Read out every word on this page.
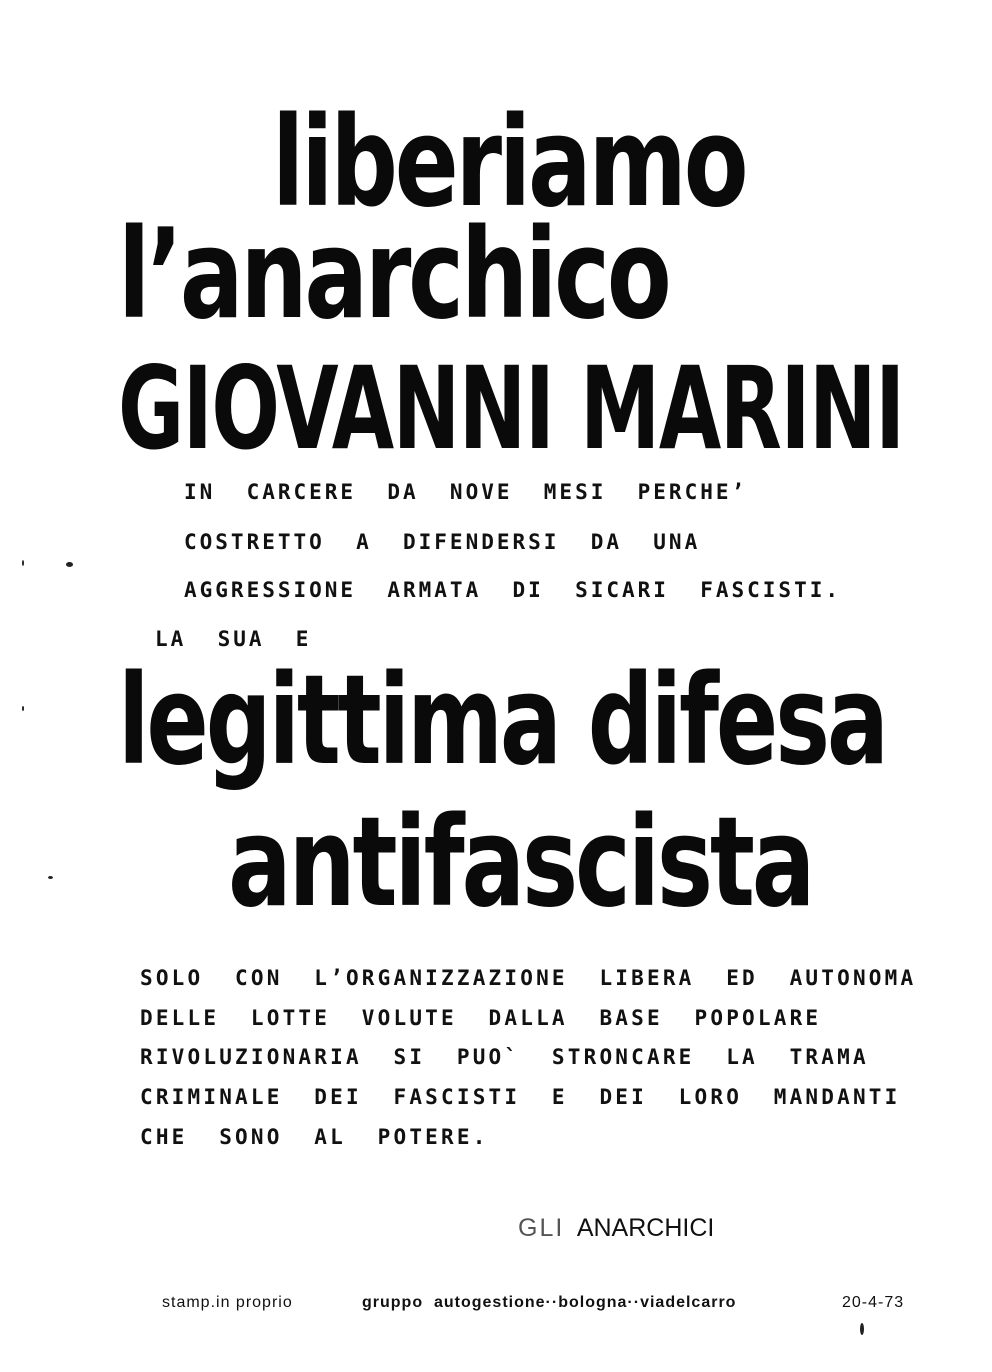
liberiamo
l’anarchico
GIOVANNI MARINI

IN  CARCERE  DA  NOVE  MESI  PERCHE’

COSTRETTO  A  DIFENDERSI  DA  UNA

AGGRESSIONE  ARMATA  DI  SICARI  FASCISTI.

LA  SUA  E

legittima difesa
antifascista

SOLO  CON  L’ORGANIZZAZIONE  LIBERA  ED  AUTONOMA

DELLE  LOTTE  VOLUTE  DALLA  BASE  POPOLARE

RIVOLUZIONARIA  SI  PUO`  STRONCARE  LA  TRAMA

CRIMINALE  DEI  FASCISTI  E  DEI  LORO  MANDANTI

CHE  SONO  AL  POTERE.

GLI ANARCHICI
stamp.in proprio	gruppo  autogestione··bologna··viadelcarro	20-4-73
